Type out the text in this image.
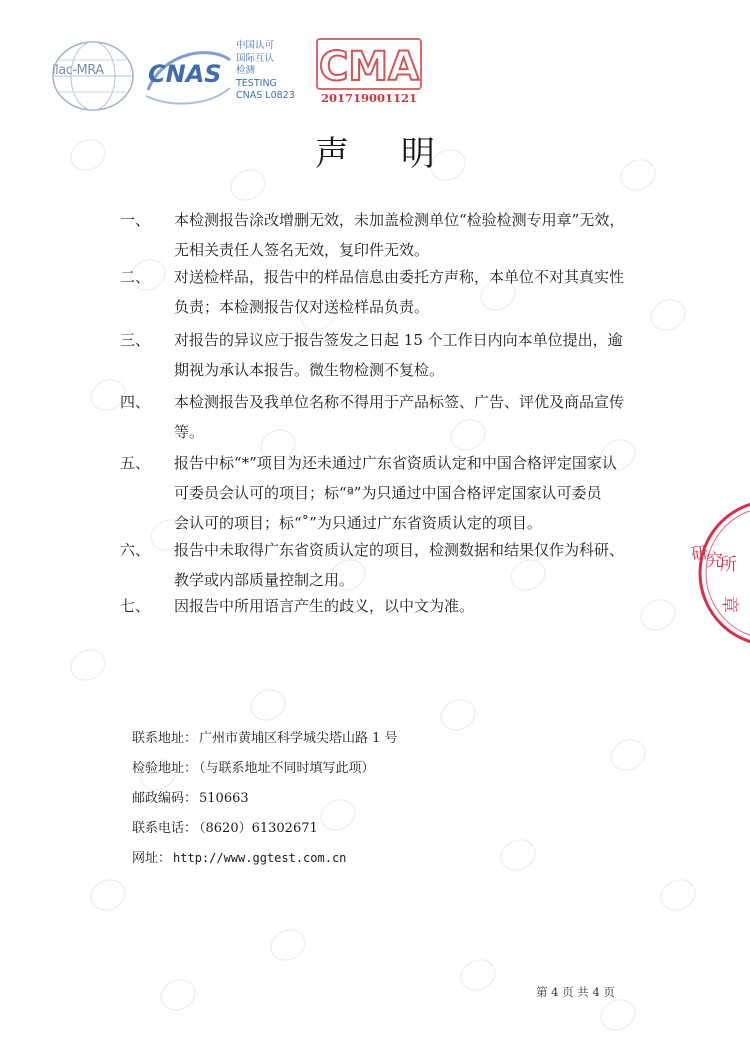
ilac-MRA CNAS
中国认可
国际互认
检测
TESTING
CNAS L0823
CMA
201719001121
声明
一、 本检测报告涂改增删无效，未加盖检测单位“检验检测专用章”无效，
无相关责任人签名无效，复印件无效。
二、 对送检样品，报告中的样品信息由委托方声称，本单位不对其真实性
负责；本检测报告仅对送检样品负责。
三、 对报告的异议应于报告签发之日起 15 个工作日内向本单位提出，逾
期视为承认本报告。微生物检测不复检。
四、 本检测报告及我单位名称不得用于产品标签、广告、评优及商品宣传
等。
五、 报告中标“*”项目为还未通过广东省资质认定和中国合格评定国家认
可委员会认可的项目；标“ª”为只通过中国合格评定国家认可委员
会认可的项目；标“˚”为只通过广东省资质认定的项目。
六、 报告中未取得广东省资质认定的项目，检测数据和结果仅作为科研、
教学或内部质量控制之用。
七、 因报告中所用语言产生的歧义，以中文为准。
研
究
所
章
联系地址： 广州市黄埔区科学城尖塔山路 1 号
检验地址： （与联系地址不同时填写此项）
邮政编码： 510663
联系电话： （8620）61302671
网址： http://www.ggtest.com.cn
第 4 页 共 4 页
